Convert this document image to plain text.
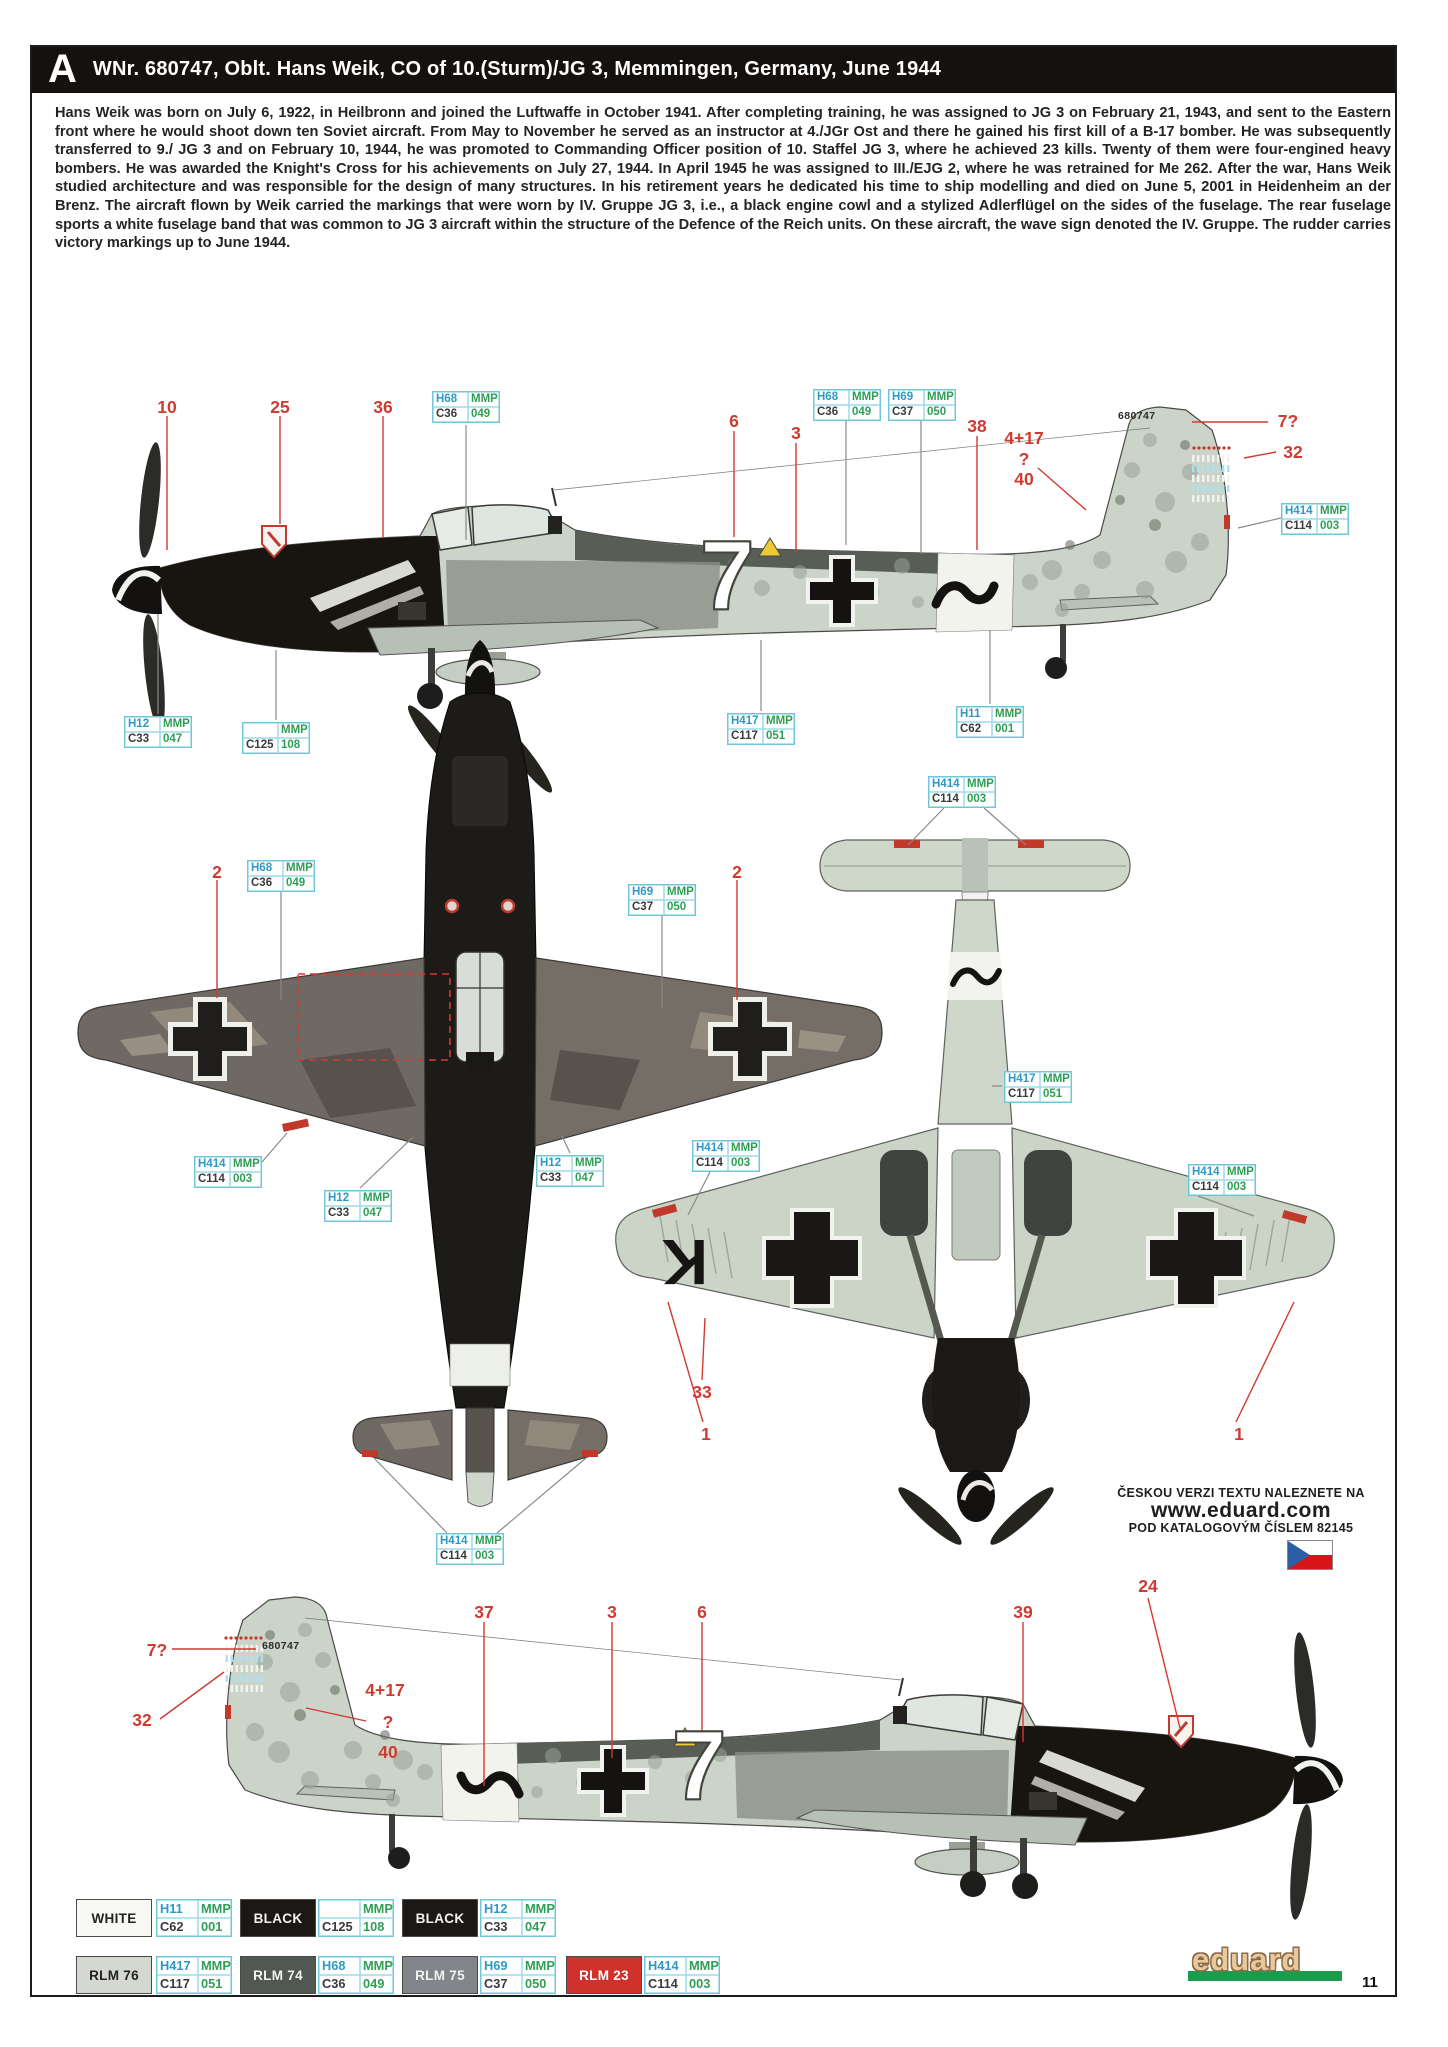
A WNr. 680747, Oblt. Hans Weik, CO of 10.(Sturm)/JG 3, Memmingen, Germany, June 1944
Hans Weik was born on July 6, 1922, in Heilbronn and joined the Luftwaffe in October 1941. After completing training, he was assigned to JG 3 on February 21, 1943, and sent to the Eastern front where he would shoot down ten Soviet aircraft. From May to November he served as an instructor at 4./JGr Ost and there he gained his first kill of a B-17 bomber. He was subsequently transferred to 9./ JG 3 and on February 10, 1944, he was promoted to Commanding Officer position of 10. Staffel JG 3, where he achieved 23 kills. Twenty of them were four-engined heavy bombers. He was awarded the Knight's Cross for his achievements on July 27, 1944. In April 1945 he was assigned to III./EJG 2, where he was retrained for Me 262. After the war, Hans Weik studied architecture and was responsible for the design of many structures. In his retirement years he dedicated his time to ship modelling and died on June 5, 2001 in Heidenheim an der Brenz. The aircraft flown by Weik carried the markings that were worn by IV. Gruppe JG 3, i.e., a black engine cowl and a stylized Adlerflügel on the sides of the fuselage. The rear fuselage sports a white fuselage band that was common to JG 3 aircraft within the structure of the Defence of the Reich units. On these aircraft, the wave sign denoted the IV. Gruppe. The rudder carries victory markings up to June 1944.
K
10	25	36
6
3	38
4+17
?
40
7?
32
2	2
33
1	1
7?
32
4+17
?
40
37	3	6	39
24
680747
680747
7
7
H68	MMP
C36	049
H68	MMP
C36	049
H69	MMP
C37	050
H414 MMP
C114 003
H12	MMP
C33	047
MMP
C125 108
H417 MMP
C117 051
H11	MMP
C62	001
H68	MMP
C36	049
H69	MMP
C37	050
H414 MMP
C114 003
H12	MMP
C33	047
H12	MMP
C33	047
H414 MMP
C114 003
H414 MMP
C114 003
H417 MMP
C117 051
H414 MMP
C114 003
H414 MMP
C114 003
ČESKOU VERZI TEXTU NALEZNETE NA
www.eduard.com
POD KATALOGOVÝM ČÍSLEM 82145
WHITE
H11	MMP
C62	001
BLACK
MMP
C125 108
BLACK
H12	MMP
C33	047
RLM 76
H417 MMP
C117 051
RLM 74
H68	MMP
C36	049
RLM 75
H69	MMP
C37	050
RLM 23
H414 MMP
C114 003
eduard
11
